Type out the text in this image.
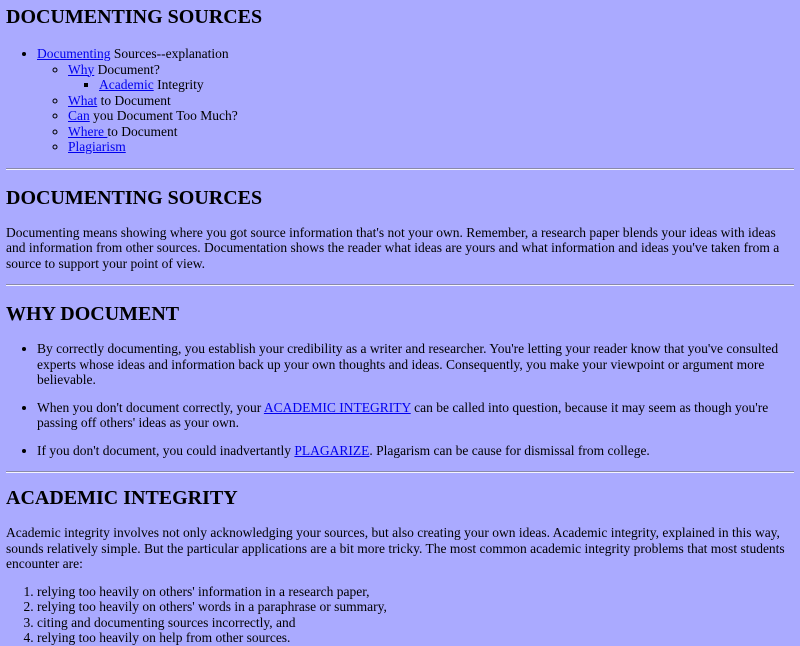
DOCUMENTING SOURCES
• Documenting Sources--explanation
◦ Why Document?
▪ Academic Integrity
◦ What to Document
◦ Can you Document Too Much?
◦ Where to Document
◦ Plagiarism
DOCUMENTING SOURCES

Documenting means showing where you got source information that's not your own. Remember, a research paper blends your ideas with ideas and information from other sources. Documentation shows the reader what ideas are yours and what information and ideas you've taken from a source to support your point of view.

WHY DOCUMENT
• By correctly documenting, you establish your credibility as a writer and researcher. You're letting your reader know that you've consulted experts whose ideas and information back up your own thoughts and ideas. Consequently, you make your viewpoint or argument more believable.
• When you don't document correctly, your ACADEMIC INTEGRITY can be called into question, because it may seem as though you're passing off others' ideas as your own.
• If you don't document, you could inadvertantly PLAGARIZE. Plagarism can be cause for dismissal from college.
ACADEMIC INTEGRITY

Academic integrity involves not only acknowledging your sources, but also creating your own ideas. Academic integrity, explained in this way, sounds relatively simple. But the particular applications are a bit more tricky. The most common academic integrity problems that most students encounter are:

1. relying too heavily on others' information in a research paper,
2. relying too heavily on others' words in a paraphrase or summary,
3. citing and documenting sources incorrectly, and
4. relying too heavily on help from other sources.
